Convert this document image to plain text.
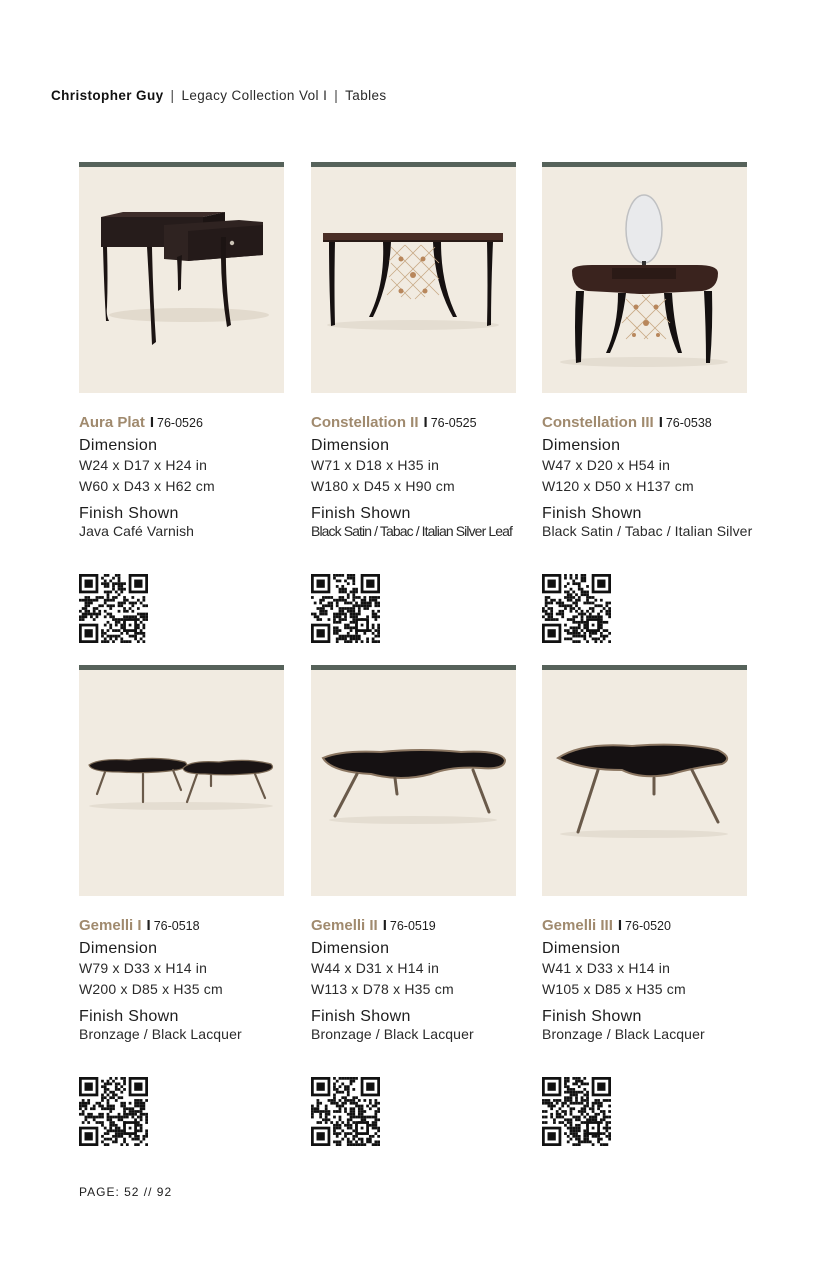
Christopher Guy | Legacy Collection Vol I | Tables
Aura Plat I 76-0526
Dimension
W24 x D17 x H24 in
W60 x D43 x H62 cm
Finish Shown
Java Café Varnish
Constellation II I 76-0525
Dimension
W71 x D18 x H35 in
W180 x D45 x H90 cm
Finish Shown
Black Satin / Tabac / Italian Silver Leaf
Constellation III I 76-0538
Dimension
W47 x D20 x H54 in
W120 x D50 x H137 cm
Finish Shown
Black Satin / Tabac / Italian Silver
Gemelli I I 76-0518
Dimension
W79 x D33 x H14 in
W200 x D85 x H35 cm
Finish Shown
Bronzage / Black Lacquer
Gemelli II I 76-0519
Dimension
W44 x D31 x H14 in
W113 x D78 x H35 cm
Finish Shown
Bronzage / Black Lacquer
Gemelli III I 76-0520
Dimension
W41 x D33 x H14 in
W105 x D85 x H35 cm
Finish Shown
Bronzage / Black Lacquer
PAGE: 52 // 92
